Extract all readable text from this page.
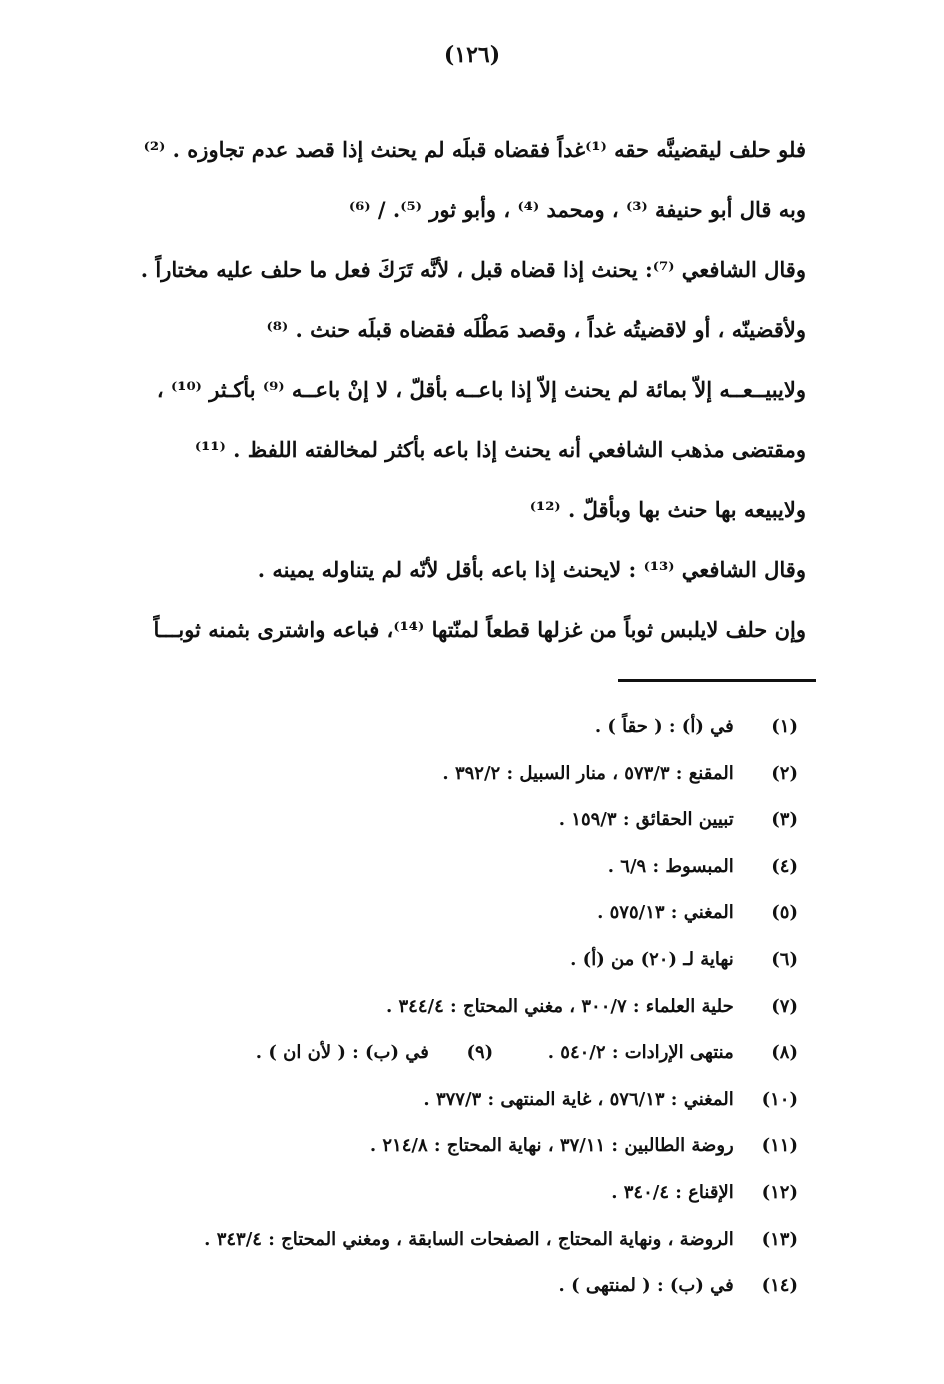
(١٢٦)
فلو حلف ليقضينَّه حقه ⁽¹⁾غداً فقضاه قبلَه لم يحنث إذا قصد عدم تجاوزه . ⁽²⁾
وبه قال أبو حنيفة ⁽³⁾ ، ومحمد ⁽⁴⁾ ، وأبو ثور ⁽⁵⁾. / ⁽⁶⁾
وقال الشافعي ⁽⁷⁾: يحنث إذا قضاه قبل ، لأنَّه تَرَكَ فعل ما حلف عليه مختاراً .
ولأقضينّه ، أو لاقضيتُه غداً ، وقصد مَطْلَه فقضاه قبلَه حنث . ⁽⁸⁾
ولايبيــعــه إلاّ بمائة لم يحنث إلاّ إذا باعــه بأقلّ ، لا إنْ باعــه ⁽⁹⁾ بأكـثر ⁽¹⁰⁾ ،
ومقتضى مذهب الشافعي أنه يحنث إذا باعه بأكثر لمخالفته اللفظ . ⁽¹¹⁾
ولايبيعه بها حنث بها وبأقلّ . ⁽¹²⁾
وقال الشافعي ⁽¹³⁾ : لايحنث إذا باعه بأقل لأنّه لم يتناوله يمينه .
وإن حلف لايلبس ثوباً من غزلها قطعاً لمنّتها ⁽¹⁴⁾، فباعه واشترى بثمنه ثوبـــاً
(١) في (أ) : ( حقاً ) .
(٢) المقنع : ٥٧٣/٣ ، منار السبيل : ٣٩٢/٢ .
(٣) تبيين الحقائق : ١٥٩/٣ .
(٤) المبسوط : ٦/٩ .
(٥) المغني : ٥٧٥/١٣ .
(٦) نهاية لـ (٢٠) من (أ) .
(٧) حلية العلماء : ٣٠٠/٧ ، مغني المحتاج : ٣٤٤/٤ .
(٨) منتهى الإرادات : ٥٤٠/٢ .  (٩) في (ب) : ( لأن ان ) .
(١٠) المغني : ٥٧٦/١٣ ، غاية المنتهى : ٣٧٧/٣ .
(١١) روضة الطالبين : ٣٧/١١ ، نهاية المحتاج : ٢١٤/٨ .
(١٢) الإقناع : ٣٤٠/٤ .
(١٣) الروضة ، ونهاية المحتاج ، الصفحات السابقة ، ومغني المحتاج : ٣٤٣/٤ .
(١٤) في (ب) : ( لمنتهى ) .
